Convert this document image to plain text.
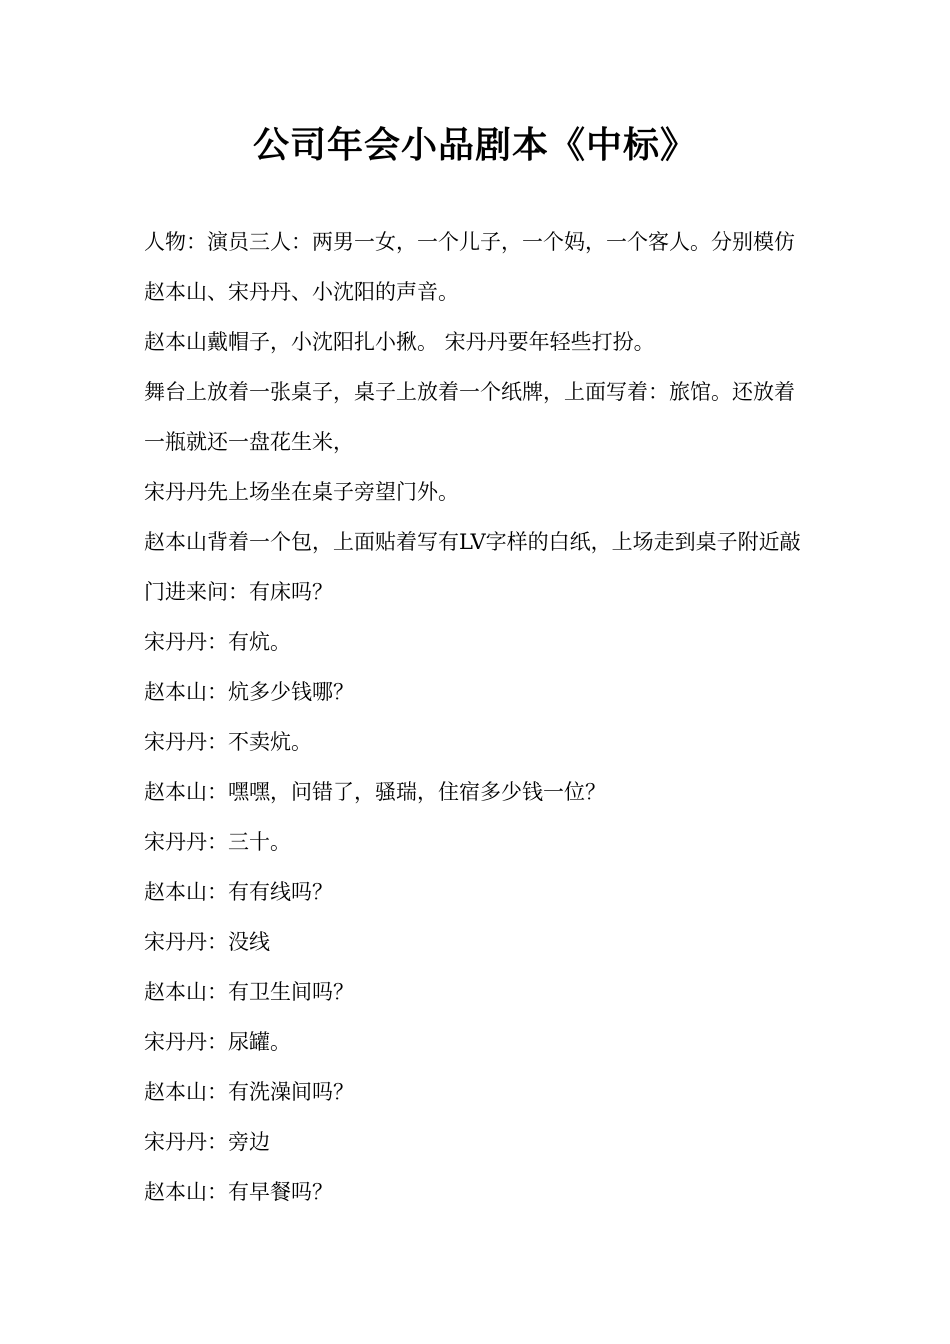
公司年会小品剧本《中标》

人物：演员三人：两男一女，一个儿子，一个妈，一个客人。分别模仿赵本山、宋丹丹、小沈阳的声音。

赵本山戴帽子，小沈阳扎小揪。 宋丹丹要年轻些打扮。

舞台上放着一张桌子，桌子上放着一个纸牌，上面写着：旅馆。还放着一瓶就还一盘花生米，

宋丹丹先上场坐在桌子旁望门外。

赵本山背着一个包，上面贴着写有LV字样的白纸，上场走到桌子附近敲门进来问：有床吗？

宋丹丹：有炕。

赵本山：炕多少钱哪？

宋丹丹：不卖炕。

赵本山：嘿嘿，问错了，骚瑞，住宿多少钱一位？

宋丹丹：三十。

赵本山：有有线吗？

宋丹丹：没线

赵本山：有卫生间吗？

宋丹丹：尿罐。

赵本山：有洗澡间吗？

宋丹丹：旁边

赵本山：有早餐吗？
